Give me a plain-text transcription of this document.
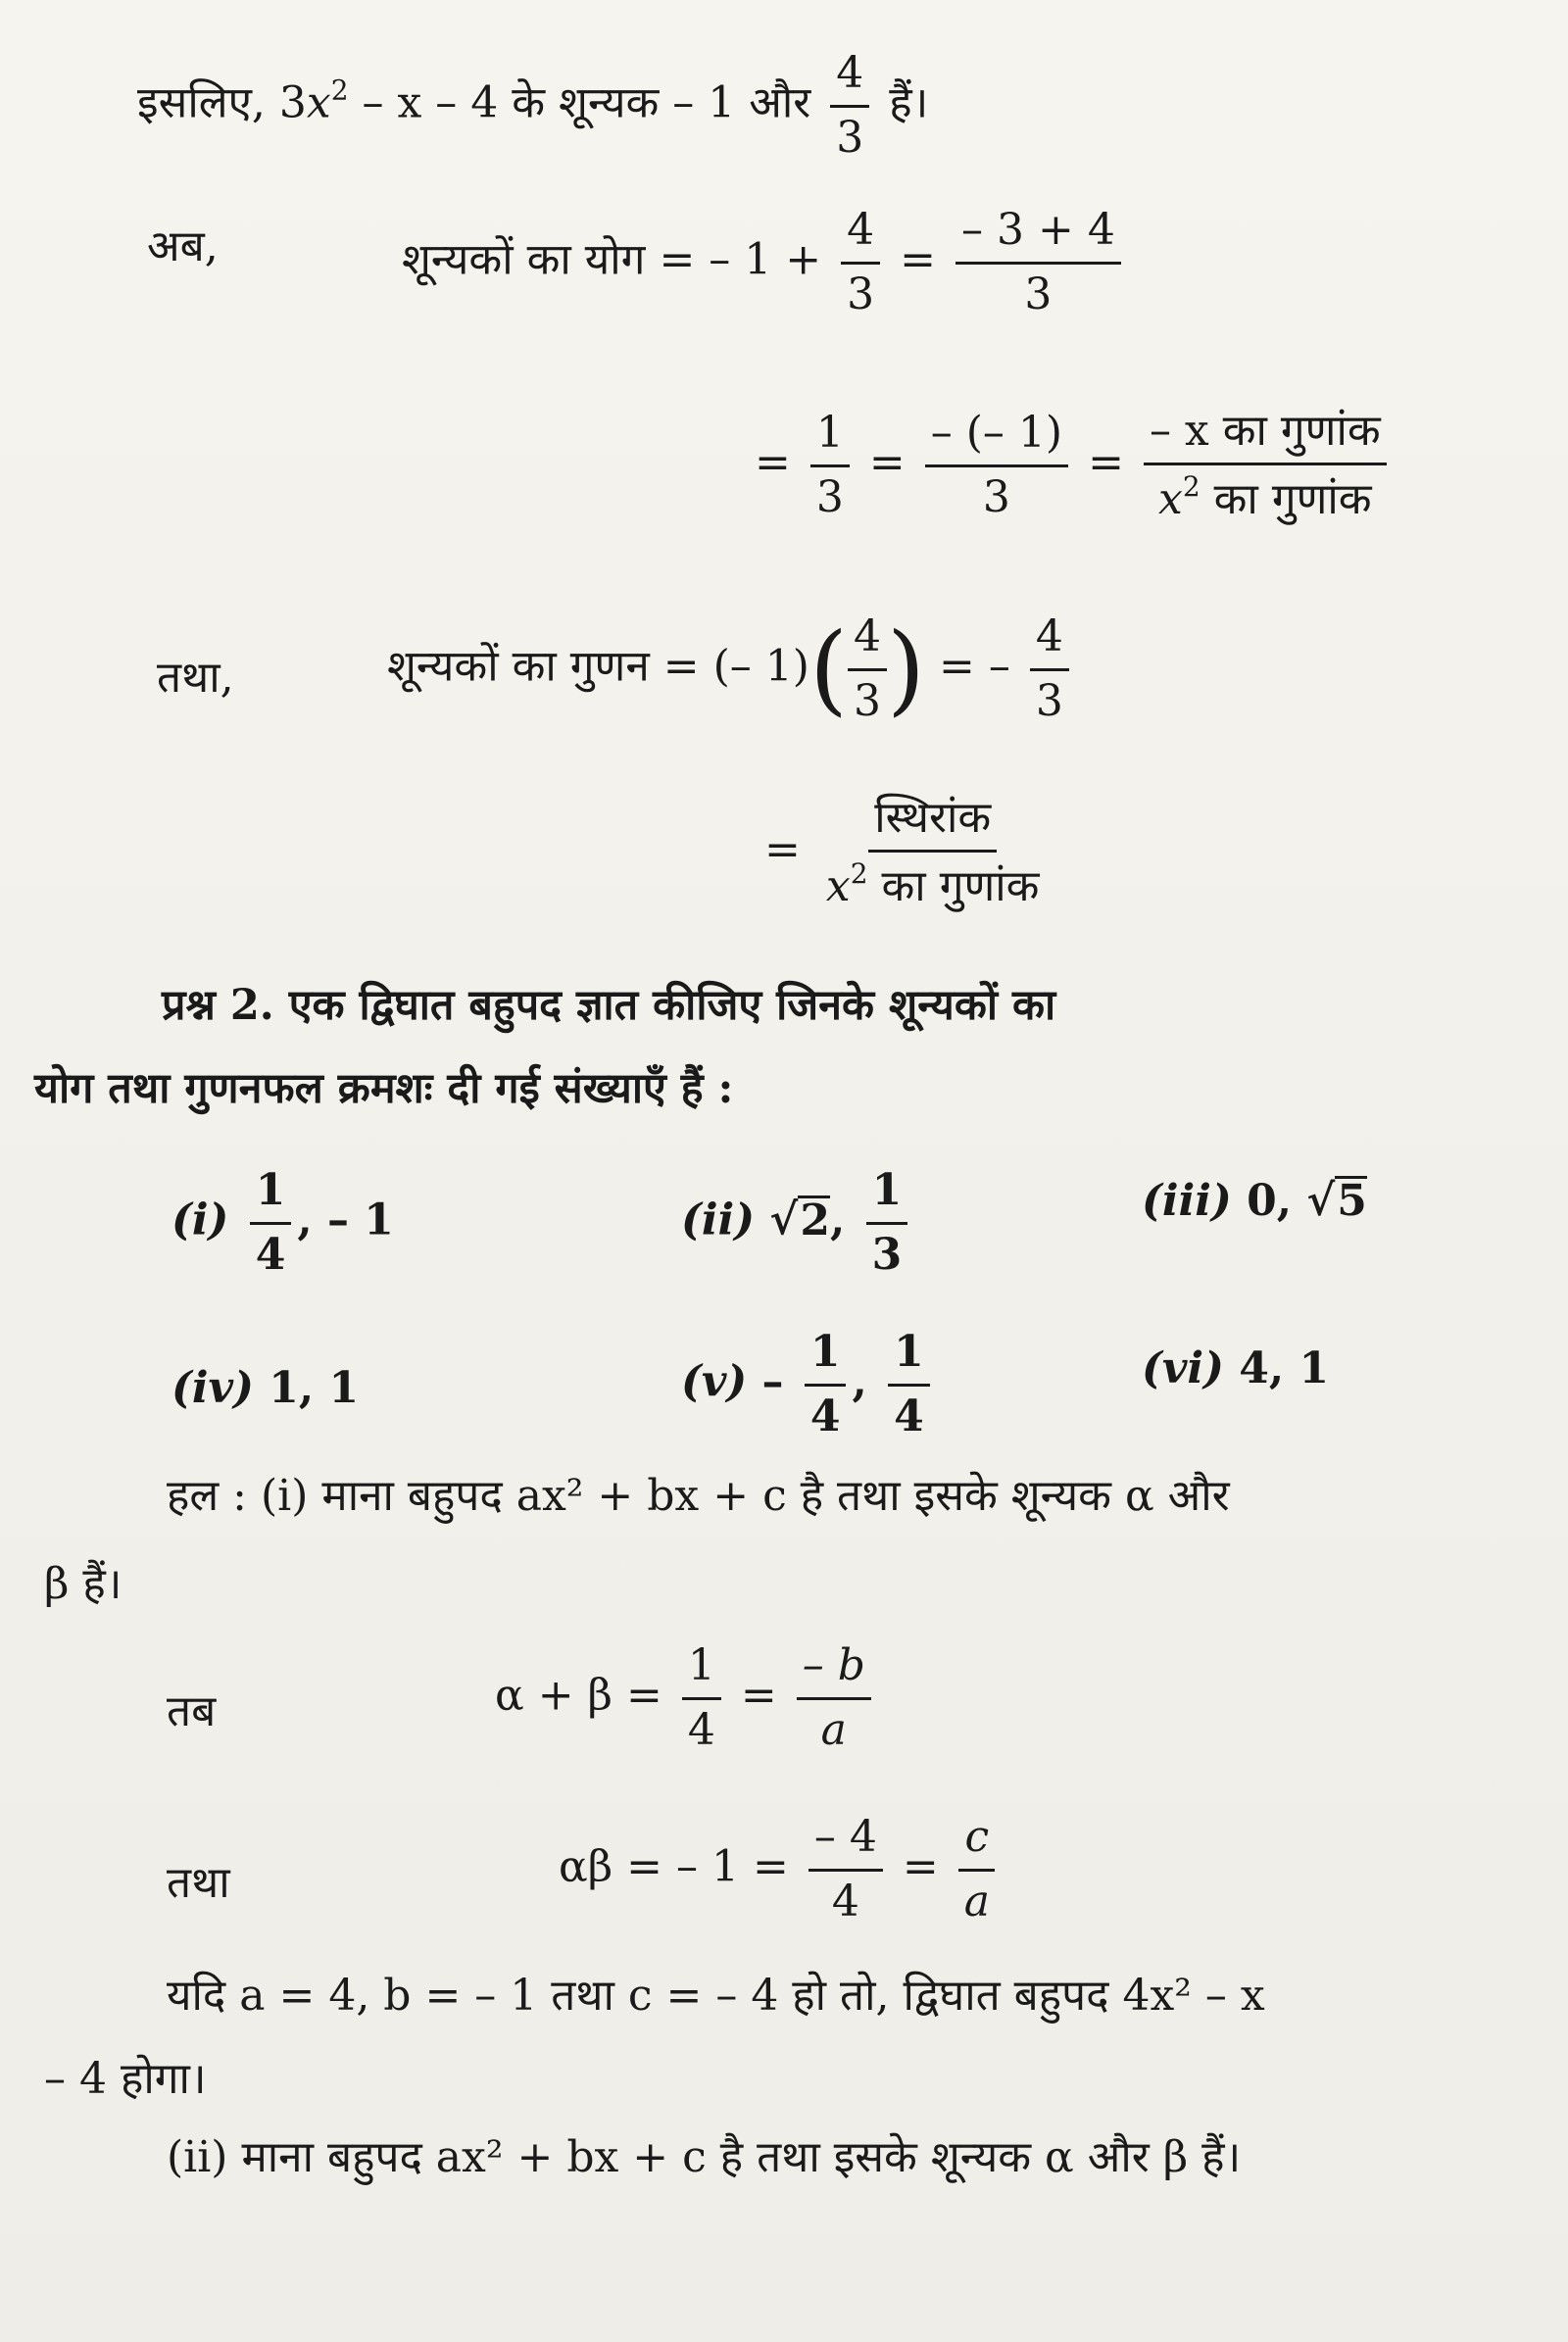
इसलिए, $3x^2$ – x – 4 के शून्यक – 1 और $\frac{4}{3}$ हैं।
अब,	शून्यकों का योग = – $1 + \frac{4}{3} = \frac{- 3 + 4}{3}$
= $\frac{1}{3} = \frac{- (- 1)}{3} = \frac{\text{– x का गुणांक}}{x^2 का गुणांक}$
तथा,	शून्यकों का गुणन = (– $1)( \frac{4}{3}$ ) = – $\frac{4}{3}$
= $\frac{\text{स्थिरांक}}{x^2 का गुणांक}$
प्रश्न 2. एक द्विघात बहुपद ज्ञात कीजिए जिनके शून्यकों का
योग तथा गुणनफल क्रमशः दी गई संख्याएँ हैं :
$(i) \frac{1}{4}$ , – 1	(ii) √2, $\frac{1}{3}$	(iii) 0, √5
(iv) 1, 1	$(v) - \frac{1}{4}$ , $\frac{1}{4}$	(vi) 4, 1
हल : (i) माना बहुपद ax² + bx + c है तथा इसके शून्यक α और
β हैं।
तब	$\alpha + \beta = \frac{1}{4} = \frac{- b}{a}$
तथा	αβ = – $1 = \frac{- 4}{4} = \frac{c}{a}$
यदि a = 4, b = – 1 तथा c = – 4 हो तो, द्विघात बहुपद 4x² – x
– 4 होगा।
(ii) माना बहुपद ax² + bx + c है तथा इसके शून्यक α और β हैं।
